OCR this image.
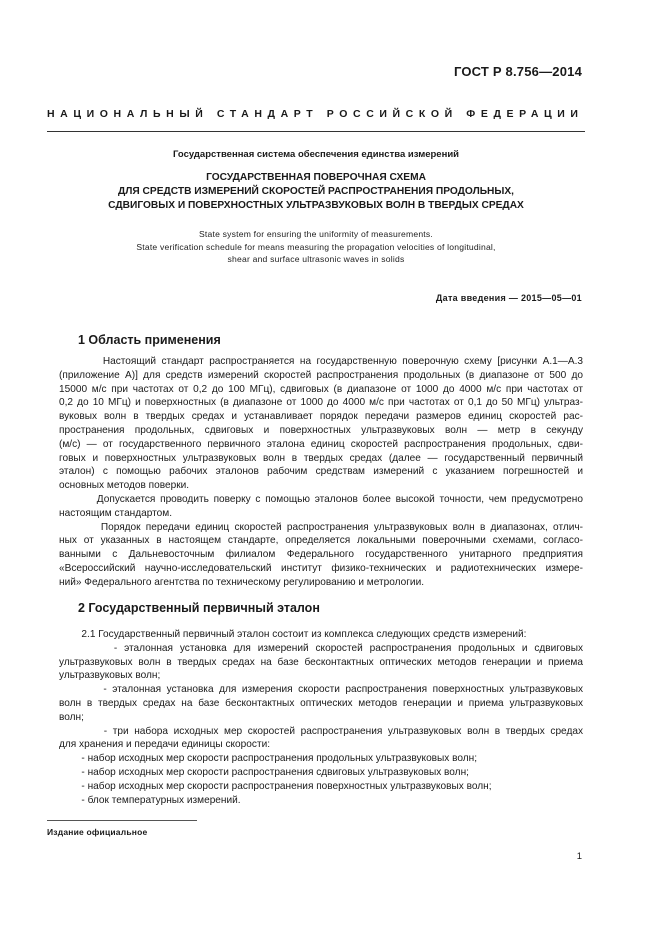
ГОСТ Р 8.756—2014
НАЦИОНАЛЬНЫЙ СТАНДАРТ РОССИЙСКОЙ ФЕДЕРАЦИИ
Государственная система обеспечения единства измерений
ГОСУДАРСТВЕННАЯ ПОВЕРОЧНАЯ СХЕМА
ДЛЯ СРЕДСТВ ИЗМЕРЕНИЙ СКОРОСТЕЙ РАСПРОСТРАНЕНИЯ ПРОДОЛЬНЫХ,
СДВИГОВЫХ И ПОВЕРХНОСТНЫХ УЛЬТРАЗВУКОВЫХ ВОЛН В ТВЕРДЫХ СРЕДАХ
State system for ensuring the uniformity of measurements.
State verification schedule for means measuring the propagation velocities of longitudinal,
shear and surface ultrasonic waves in solids
Дата введения — 2015—05—01
1 Область применения
Настоящий стандарт распространяется на государственную поверочную схему [рисунки А.1—А.3
(приложение А)] для средств измерений скоростей распространения продольных (в диапазоне от 500 до
15000 м/с при частотах от 0,2 до 100 МГц), сдвиговых (в диапазоне от 1000 до 4000 м/с при частотах от
0,2 до 10 МГц) и поверхностных (в диапазоне от 1000 до 4000 м/с при частотах от 0,1 до 50 МГц) ультраз-
вуковых волн в твердых средах и устанавливает порядок передачи размеров единиц скоростей рас-
пространения продольных, сдвиговых и поверхностных ультразвуковых волн — метр в секунду
(м/с) — от государственного первичного эталона единиц скоростей распространения продольных, сдви-
говых и поверхностных ультразвуковых волн в твердых средах (далее — государственный первичный
эталон) с помощью рабочих эталонов рабочим средствам измерений с указанием погрешностей и
основных методов поверки.
Допускается проводить поверку с помощью эталонов более высокой точности, чем предусмотрено
настоящим стандартом.
Порядок передачи единиц скоростей распространения ультразвуковых волн в диапазонах, отлич-
ных от указанных в настоящем стандарте, определяется локальными поверочными схемами, согласо-
ванными с Дальневосточным филиалом Федерального государственного унитарного предприятия
«Всероссийский научно-исследовательский институт физико-технических и радиотехнических измере-
ний» Федерального агентства по техническому регулированию и метрологии.
2 Государственный первичный эталон
2.1 Государственный первичный эталон состоит из комплекса следующих средств измерений:
- эталонная установка для измерений скоростей распространения продольных и сдвиговых
ультразвуковых волн в твердых средах на базе бесконтактных оптических методов генерации и приема
ультразвуковых волн;
- эталонная установка для измерения скорости распространения поверхностных ультразвуковых
волн в твердых средах на базе бесконтактных оптических методов генерации и приема ультразвуковых
волн;
- три набора исходных мер скоростей распространения ультразвуковых волн в твердых средах
для хранения и передачи единицы скорости:
- набор исходных мер скорости распространения продольных ультразвуковых волн;
- набор исходных мер скорости распространения сдвиговых ультразвуковых волн;
- набор исходных мер скорости распространения поверхностных ультразвуковых волн;
- блок температурных измерений.
Издание официальное
1
